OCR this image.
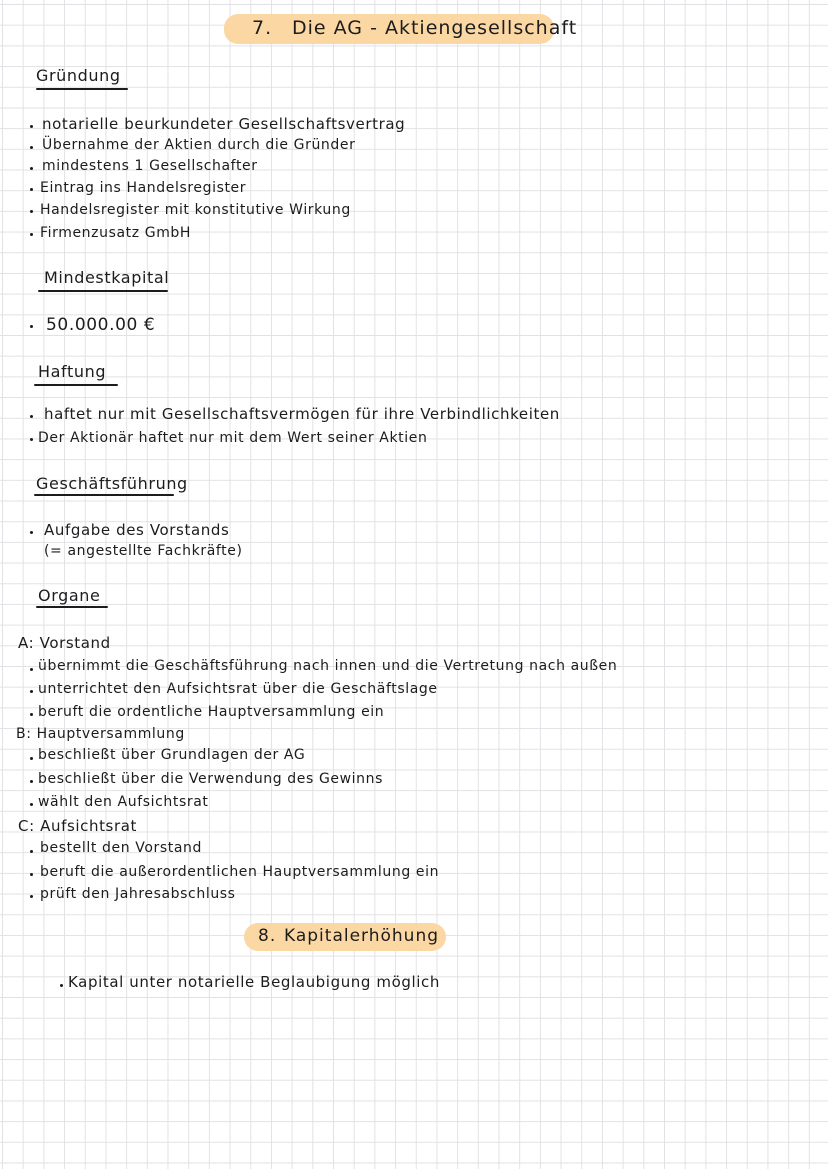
7. Die AG - Aktiengesellschaft
Gründung
notarielle beurkundeter Gesellschaftsvertrag
Übernahme der Aktien durch die Gründer
mindestens 1 Gesellschafter
Eintrag ins Handelsregister
Handelsregister mit konstitutive Wirkung
Firmenzusatz GmbH
Mindestkapital
50.000.00 €
Haftung
haftet nur mit Gesellschaftsvermögen für ihre Verbindlichkeiten
Der Aktionär haftet nur mit dem Wert seiner Aktien
Geschäftsführung
Aufgabe des Vorstands
(= angestellte Fachkräfte)
Organe
A: Vorstand
übernimmt die Geschäftsführung nach innen und die Vertretung nach außen
unterrichtet den Aufsichtsrat über die Geschäftslage
beruft die ordentliche Hauptversammlung ein
B: Hauptversammlung
beschließt über Grundlagen der AG
beschließt über die Verwendung des Gewinns
wählt den Aufsichtsrat
C: Aufsichtsrat
bestellt den Vorstand
beruft die außerordentlichen Hauptversammlung ein
prüft den Jahresabschluss
8. Kapitalerhöhung
Kapital unter notarielle Beglaubigung möglich
